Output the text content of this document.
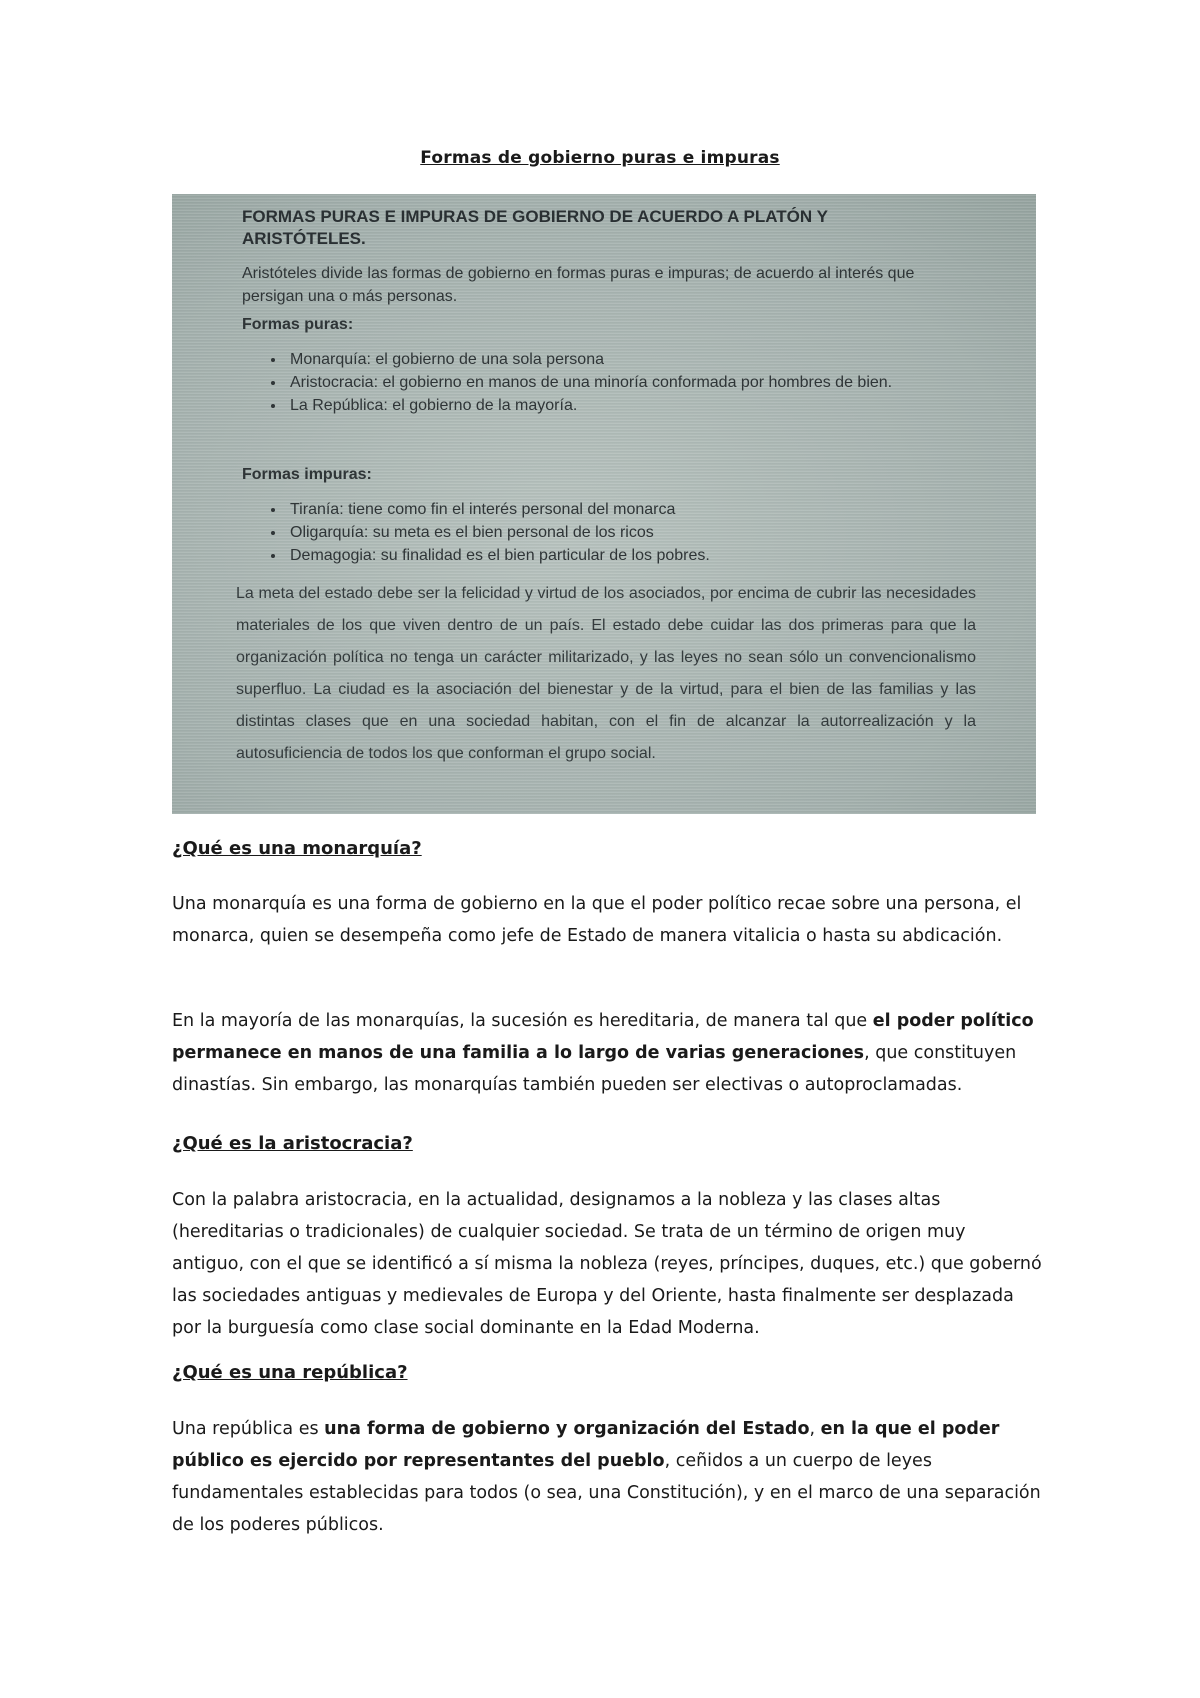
Formas de gobierno puras e impuras
FORMAS PURAS E IMPURAS DE GOBIERNO DE ACUERDO A PLATÓN Y
ARISTÓTELES.
Aristóteles divide las formas de gobierno en formas puras e impuras; de acuerdo al interés que persigan una o más personas.
Formas puras:
• Monarquía: el gobierno de una sola persona
• Aristocracia: el gobierno en manos de una minoría conformada por hombres de bien.
• La República: el gobierno de la mayoría.
Formas impuras:
• Tiranía: tiene como fin el interés personal del monarca
• Oligarquía: su meta es el bien personal de los ricos
• Demagogia: su finalidad es el bien particular de los pobres.
La meta del estado debe ser la felicidad y virtud de los asociados, por encima de cubrir las necesidades materiales de los que viven dentro de un país. El estado debe cuidar las dos primeras para que la organización política no tenga un carácter militarizado, y las leyes no sean sólo un convencionalismo superfluo. La ciudad es la asociación del bienestar y de la virtud, para el bien de las familias y las distintas clases que en una sociedad habitan, con el fin de alcanzar la autorrealización y la autosuficiencia de todos los que conforman el grupo social.
¿Qué es una monarquía?
Una monarquía es una forma de gobierno en la que el poder político recae sobre una persona, el monarca, quien se desempeña como jefe de Estado de manera vitalicia o hasta su abdicación.
En la mayoría de las monarquías, la sucesión es hereditaria, de manera tal que el poder político permanece en manos de una familia a lo largo de varias generaciones, que constituyen dinastías. Sin embargo, las monarquías también pueden ser electivas o autoproclamadas.
¿Qué es la aristocracia?
Con la palabra aristocracia, en la actualidad, designamos a la nobleza y las clases altas (hereditarias o tradicionales) de cualquier sociedad. Se trata de un término de origen muy antiguo, con el que se identificó a sí misma la nobleza (reyes, príncipes, duques, etc.) que gobernó las sociedades antiguas y medievales de Europa y del Oriente, hasta finalmente ser desplazada por la burguesía como clase social dominante en la Edad Moderna.
¿Qué es una república?
Una república es una forma de gobierno y organización del Estado, en la que el poder público es ejercido por representantes del pueblo, ceñidos a un cuerpo de leyes fundamentales establecidas para todos (o sea, una Constitución), y en el marco de una separación de los poderes públicos.
